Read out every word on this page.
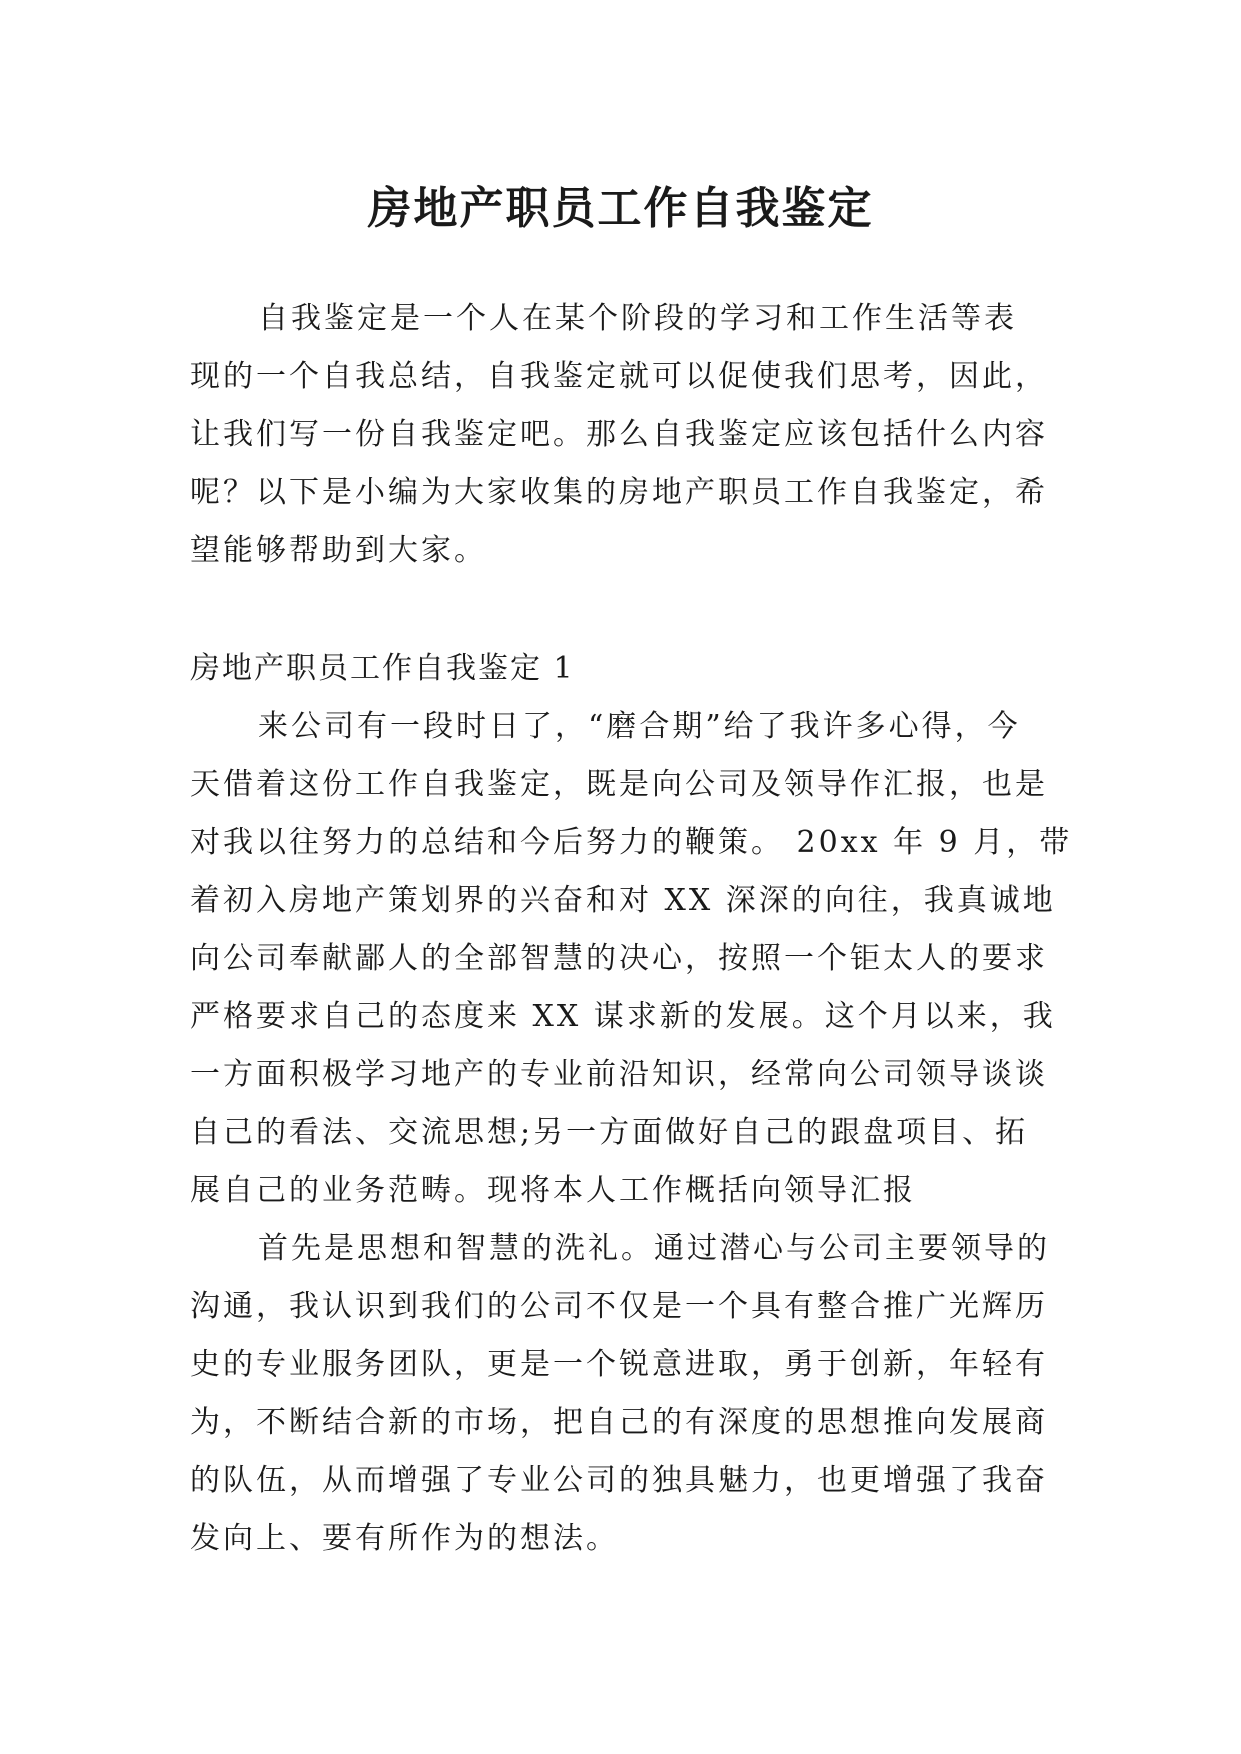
房地产职员工作自我鉴定
自我鉴定是一个人在某个阶段的学习和工作生活等表
现的一个自我总结，自我鉴定就可以促使我们思考，因此，
让我们写一份自我鉴定吧。那么自我鉴定应该包括什么内容
呢？以下是小编为大家收集的房地产职员工作自我鉴定，希
望能够帮助到大家。
房地产职员工作自我鉴定 1
来公司有一段时日了，“磨合期”给了我许多心得，今
天借着这份工作自我鉴定，既是向公司及领导作汇报，也是
对我以往努力的总结和今后努力的鞭策。 20xx 年 9 月，带
着初入房地产策划界的兴奋和对 XX 深深的向往，我真诚地
向公司奉献鄙人的全部智慧的决心，按照一个钜太人的要求
严格要求自己的态度来 XX 谋求新的发展。这个月以来，我
一方面积极学习地产的专业前沿知识，经常向公司领导谈谈
自己的看法、交流思想;另一方面做好自己的跟盘项目、拓
展自己的业务范畴。现将本人工作概括向领导汇报
首先是思想和智慧的洗礼。通过潜心与公司主要领导的
沟通，我认识到我们的公司不仅是一个具有整合推广光辉历
史的专业服务团队，更是一个锐意进取，勇于创新，年轻有
为，不断结合新的市场，把自己的有深度的思想推向发展商
的队伍，从而增强了专业公司的独具魅力，也更增强了我奋
发向上、要有所作为的想法。
